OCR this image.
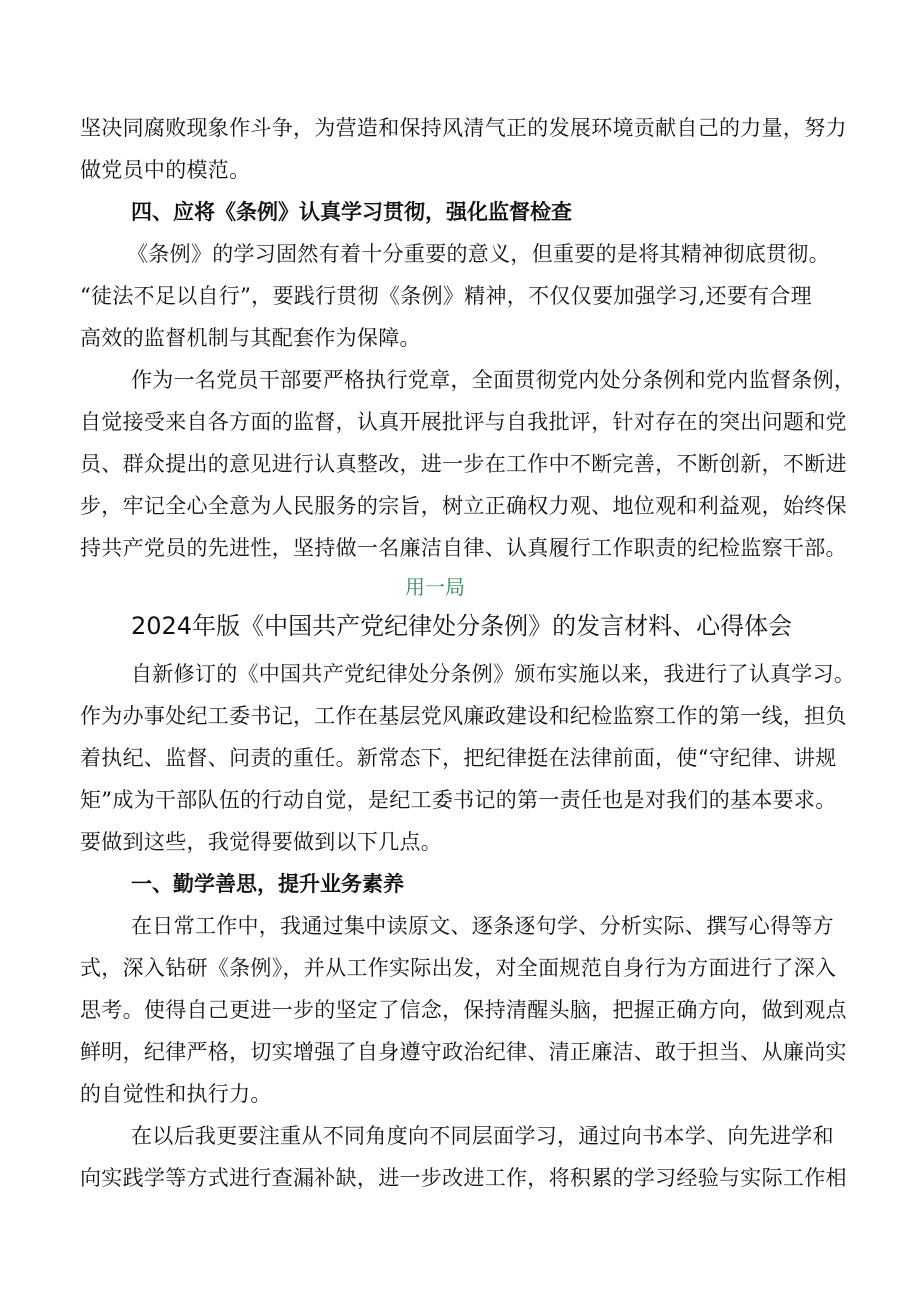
坚决同腐败现象作斗争，为营造和保持风清气正的发展环境贡献自己的力量，努力
做党员中的模范。
四、应将《条例》认真学习贯彻，强化监督检查
《条例》的学习固然有着十分重要的意义，但重要的是将其精神彻底贯彻。
“徒法不足以自行”，要践行贯彻《条例》精神，不仅仅要加强学习,还要有合理
高效的监督机制与其配套作为保障。
作为一名党员干部要严格执行党章，全面贯彻党内处分条例和党内监督条例，
自觉接受来自各方面的监督，认真开展批评与自我批评，针对存在的突出问题和党
员、群众提出的意见进行认真整改，进一步在工作中不断完善，不断创新，不断进
步，牢记全心全意为人民服务的宗旨，树立正确权力观、地位观和利益观，始终保
持共产党员的先进性，坚持做一名廉洁自律、认真履行工作职责的纪检监察干部。
用一局
2024年版《中国共产党纪律处分条例》的发言材料、心得体会
自新修订的《中国共产党纪律处分条例》颁布实施以来，我进行了认真学习。
作为办事处纪工委书记，工作在基层党风廉政建设和纪检监察工作的第一线，担负
着执纪、监督、问责的重任。新常态下，把纪律挺在法律前面，使“守纪律、讲规
矩”成为干部队伍的行动自觉，是纪工委书记的第一责任也是对我们的基本要求。
要做到这些，我觉得要做到以下几点。
一、勤学善思，提升业务素养
在日常工作中，我通过集中读原文、逐条逐句学、分析实际、撰写心得等方
式，深入钻研《条例》，并从工作实际出发，对全面规范自身行为方面进行了深入
思考。使得自己更进一步的坚定了信念，保持清醒头脑，把握正确方向，做到观点
鲜明，纪律严格，切实增强了自身遵守政治纪律、清正廉洁、敢于担当、从廉尚实
的自觉性和执行力。
在以后我更要注重从不同角度向不同层面学习，通过向书本学、向先进学和
向实践学等方式进行查漏补缺，进一步改进工作，将积累的学习经验与实际工作相
